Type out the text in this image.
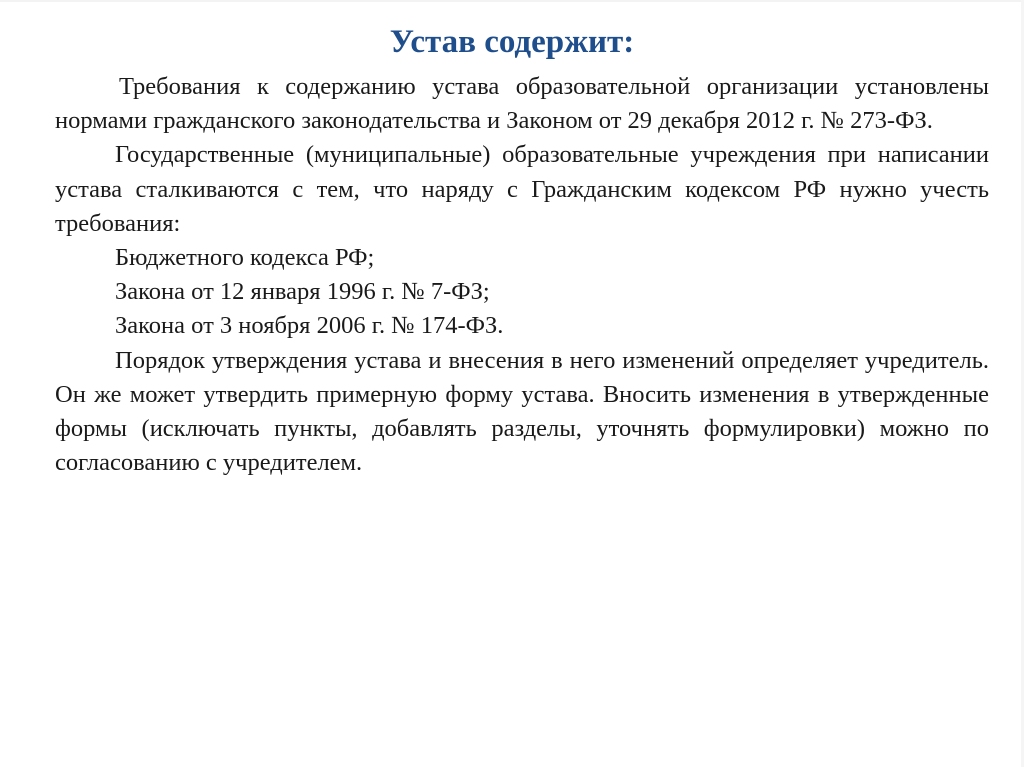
Устав содержит:

Требования к содержанию устава образовательной организации установлены нормами гражданского законодательства и Законом от 29 декабря 2012 г. № 273-ФЗ.

Государственные (муниципальные) образовательные учреждения при написании устава сталкиваются с тем, что наряду с Гражданским кодексом РФ нужно учесть требования:

Бюджетного кодекса РФ;

Закона от 12 января 1996 г. № 7-ФЗ;

Закона от 3 ноября 2006 г. № 174-ФЗ.

Порядок утверждения устава и внесения в него изменений определяет учредитель. Он же может утвердить примерную форму устава. Вносить изменения в утвержденные формы (исключать пункты, добавлять разделы, уточнять формулировки) можно по согласованию с учредителем.
